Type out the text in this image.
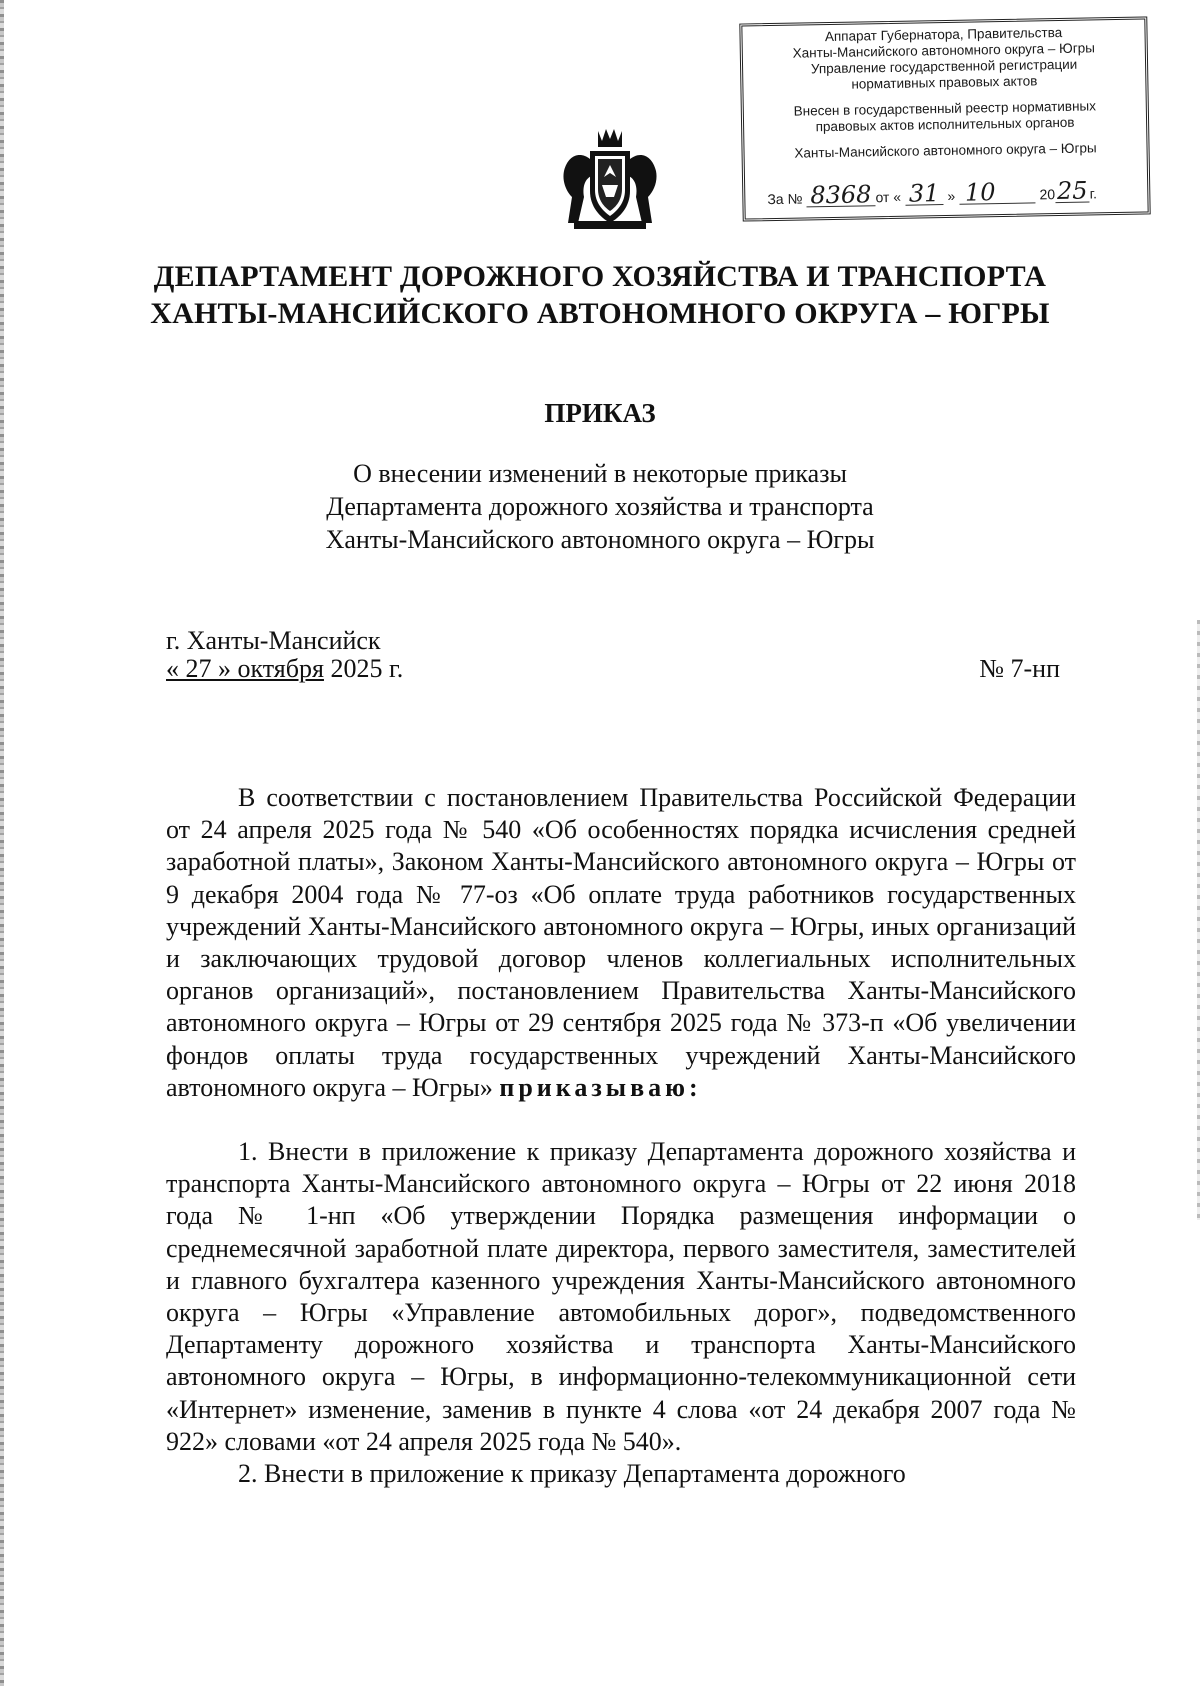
Аппарат Губернатора, Правительства
Ханты-Мансийского автономного округа – Югры
Управление государственной регистрации
нормативных правовых актов
Внесен в государственный реестр нормативных
правовых актов исполнительных органов
Ханты-Мансийского автономного округа – Югры
За № 8368 от « 31 » 10	2025 г.
ДЕПАРТАМЕНТ ДОРОЖНОГО ХОЗЯЙСТВА И ТРАНСПОРТА
ХАНТЫ-МАНСИЙСКОГО АВТОНОМНОГО ОКРУГА – ЮГРЫ
ПРИКАЗ
О внесении изменений в некоторые приказы
Департамента дорожного хозяйства и транспорта
Ханты-Мансийского автономного округа – Югры
г. Ханты-Мансийск
« 27 » октября 2025 г.	№ 7-нп

В соответствии с постановлением Правительства Российской Федерации от 24 апреля 2025 года № 540 «Об особенностях порядка исчисления средней заработной платы», Законом Ханты-Мансийского автономного округа – Югры от 9 декабря 2004 года № 77-оз «Об оплате труда работников государственных учреждений Ханты-Мансийского автономного округа – Югры, иных организаций и заключающих трудовой договор членов коллегиальных исполнительных органов организаций», постановлением Правительства Ханты-Мансийского автономного округа – Югры от 29 сентября 2025 года № 373-п «Об увеличении фондов оплаты труда государственных учреждений Ханты-Мансийского автономного округа – Югры» приказываю:

1. Внести в приложение к приказу Департамента дорожного хозяйства и транспорта Ханты-Мансийского автономного округа – Югры от 22 июня 2018 года № 1-нп «Об утверждении Порядка размещения информации о среднемесячной заработной плате директора, первого заместителя, заместителей и главного бухгалтера казенного учреждения Ханты-Мансийского автономного округа – Югры «Управление автомобильных дорог», подведомственного Департаменту дорожного хозяйства и транспорта Ханты-Мансийского автономного округа – Югры, в информационно-телекоммуникационной сети «Интернет» изменение, заменив в пункте 4 слова «от 24 декабря 2007 года № 922» словами «от 24 апреля 2025 года № 540».

2. Внести в приложение к приказу Департамента дорожного
